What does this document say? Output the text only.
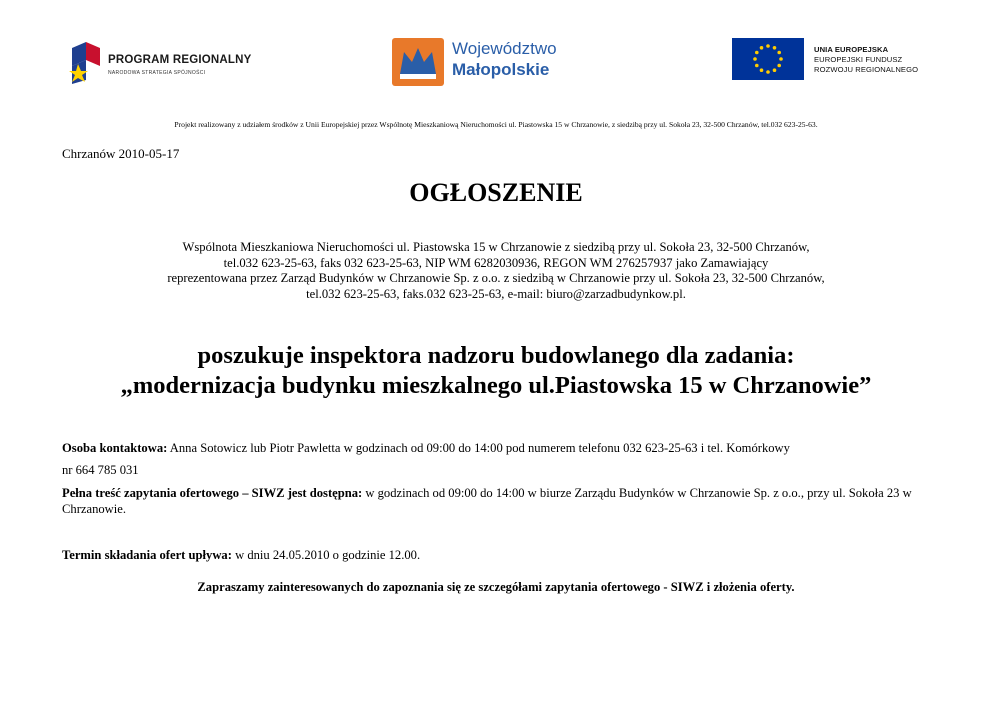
PROGRAM REGIONALNY
NARODOWA STRATEGIA SPÓJNOŚCI
Województwo
Małopolskie
UNIA EUROPEJSKA
EUROPEJSKI FUNDUSZ
ROZWOJU REGIONALNEGO
Projekt realizowany z udziałem środków z Unii Europejskiej przez Wspólnotę Mieszkaniową Nieruchomości ul. Piastowska 15 w Chrzanowie, z siedzibą przy ul. Sokoła 23, 32-500 Chrzanów, tel.032 623-25-63.
Chrzanów 2010-05-17
OGŁOSZENIE
Wspólnota Mieszkaniowa Nieruchomości ul. Piastowska 15 w Chrzanowie z siedzibą przy ul. Sokoła 23, 32-500 Chrzanów,
tel.032 623-25-63, faks 032 623-25-63, NIP WM 6282030936, REGON WM 276257937 jako Zamawiający
reprezentowana przez Zarząd Budynków w Chrzanowie Sp. z o.o. z siedzibą w Chrzanowie przy ul. Sokoła 23, 32-500 Chrzanów,
tel.032 623-25-63, faks.032 623-25-63, e-mail: biuro@zarzadbudynkow.pl.
poszukuje inspektora nadzoru budowlanego dla zadania:
„modernizacja budynku mieszkalnego ul.Piastowska 15 w Chrzanowie”
Osoba kontaktowa: Anna Sotowicz lub Piotr Pawletta w godzinach od 09:00 do 14:00 pod numerem telefonu 032 623-25-63 i tel. Komórkowy
nr 664 785 031
Pełna treść zapytania ofertowego – SIWZ jest dostępna: w godzinach od 09:00 do 14:00 w biurze Zarządu Budynków w Chrzanowie Sp. z o.o., przy ul. Sokoła 23 w Chrzanowie.
Termin składania ofert upływa: w dniu 24.05.2010 o godzinie 12.00.
Zapraszamy zainteresowanych do zapoznania się ze szczegółami zapytania ofertowego - SIWZ i złożenia oferty.
